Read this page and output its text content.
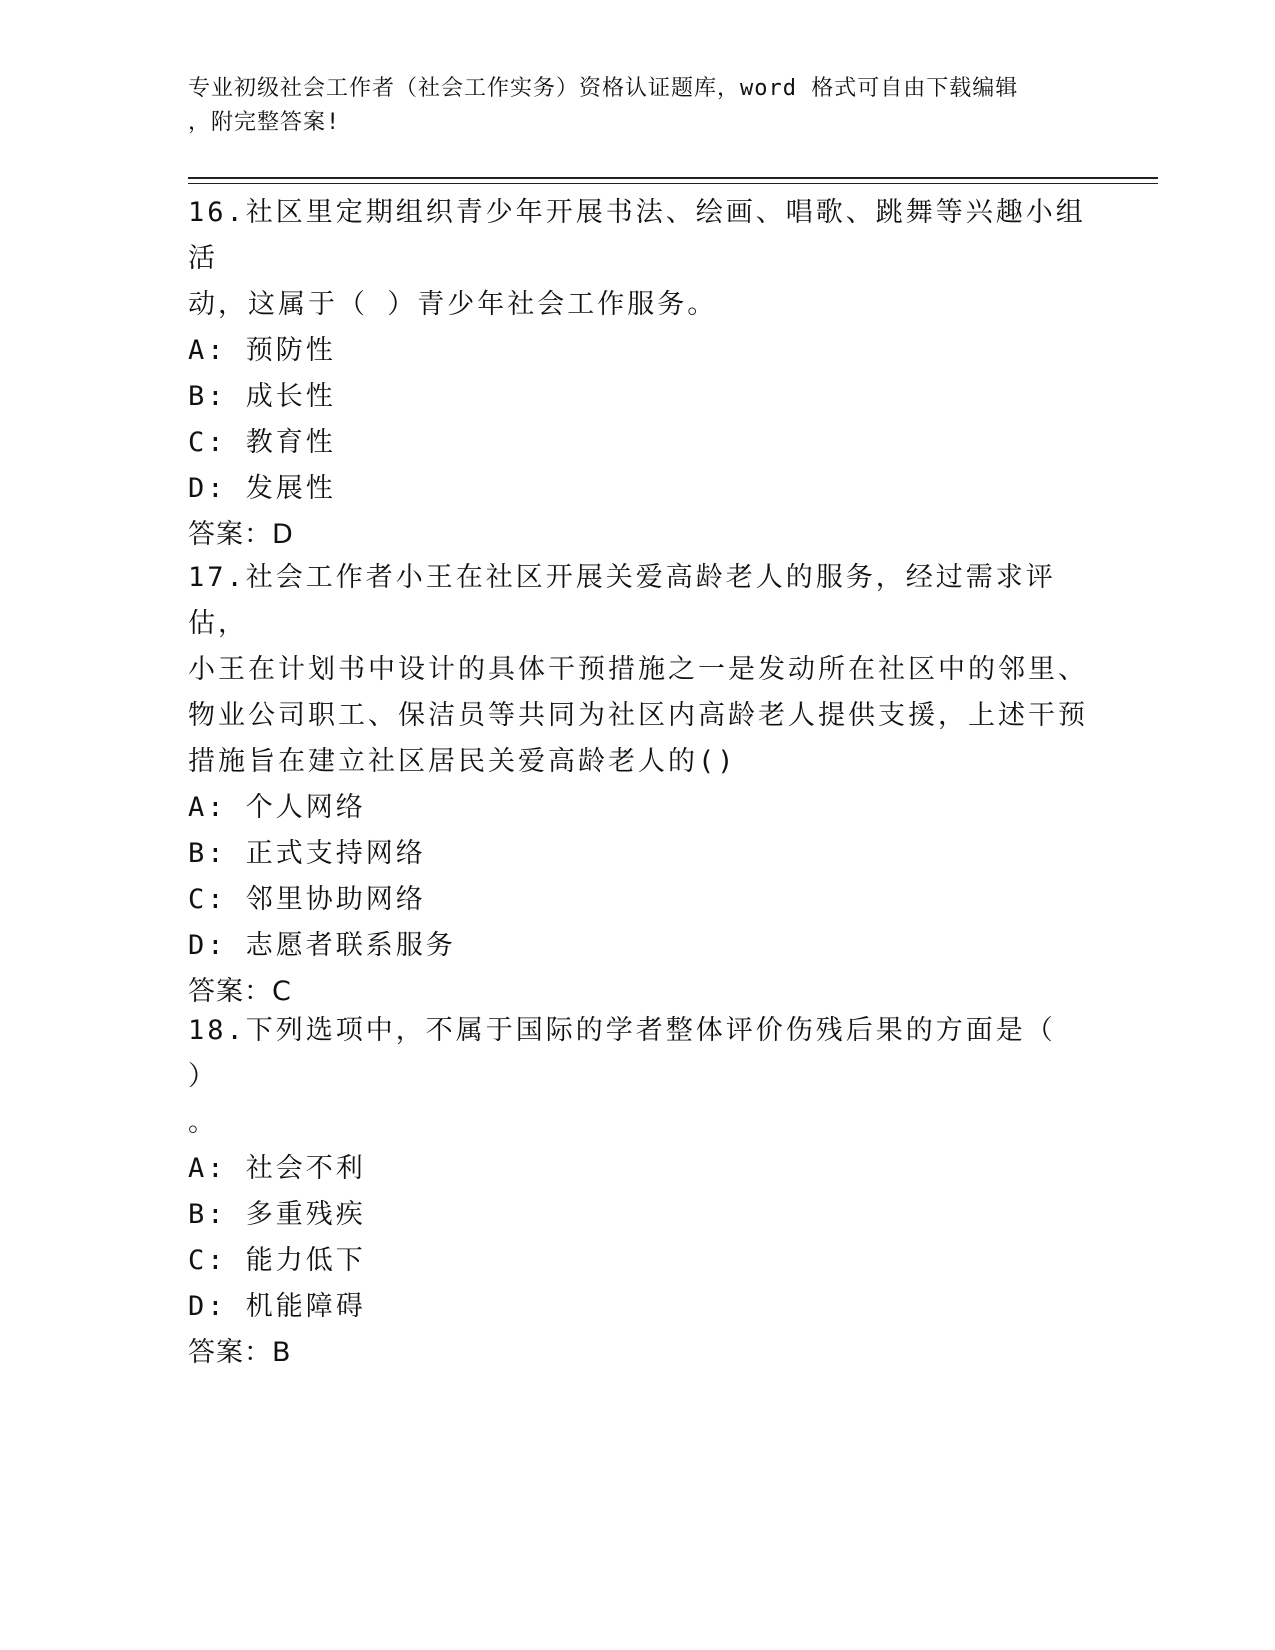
专业初级社会工作者（社会工作实务）资格认证题库，word 格式可自由下载编辑
，附完整答案!

16.社区里定期组织青少年开展书法、绘画、唱歌、跳舞等兴趣小组活

动，这属于（ ）青少年社会工作服务。

A: 预防性

B: 成长性

C: 教育性

D: 发展性

答案：D

17.社会工作者小王在社区开展关爱高龄老人的服务，经过需求评估，

小王在计划书中设计的具体干预措施之一是发动所在社区中的邻里、

物业公司职工、保洁员等共同为社区内高龄老人提供支援，上述干预

措施旨在建立社区居民关爱高龄老人的()

A: 个人网络

B: 正式支持网络

C: 邻里协助网络

D: 志愿者联系服务

答案：C

18.下列选项中，不属于国际的学者整体评价伤残后果的方面是（ ）

。

A: 社会不利

B: 多重残疾

C: 能力低下

D: 机能障碍

答案：B
